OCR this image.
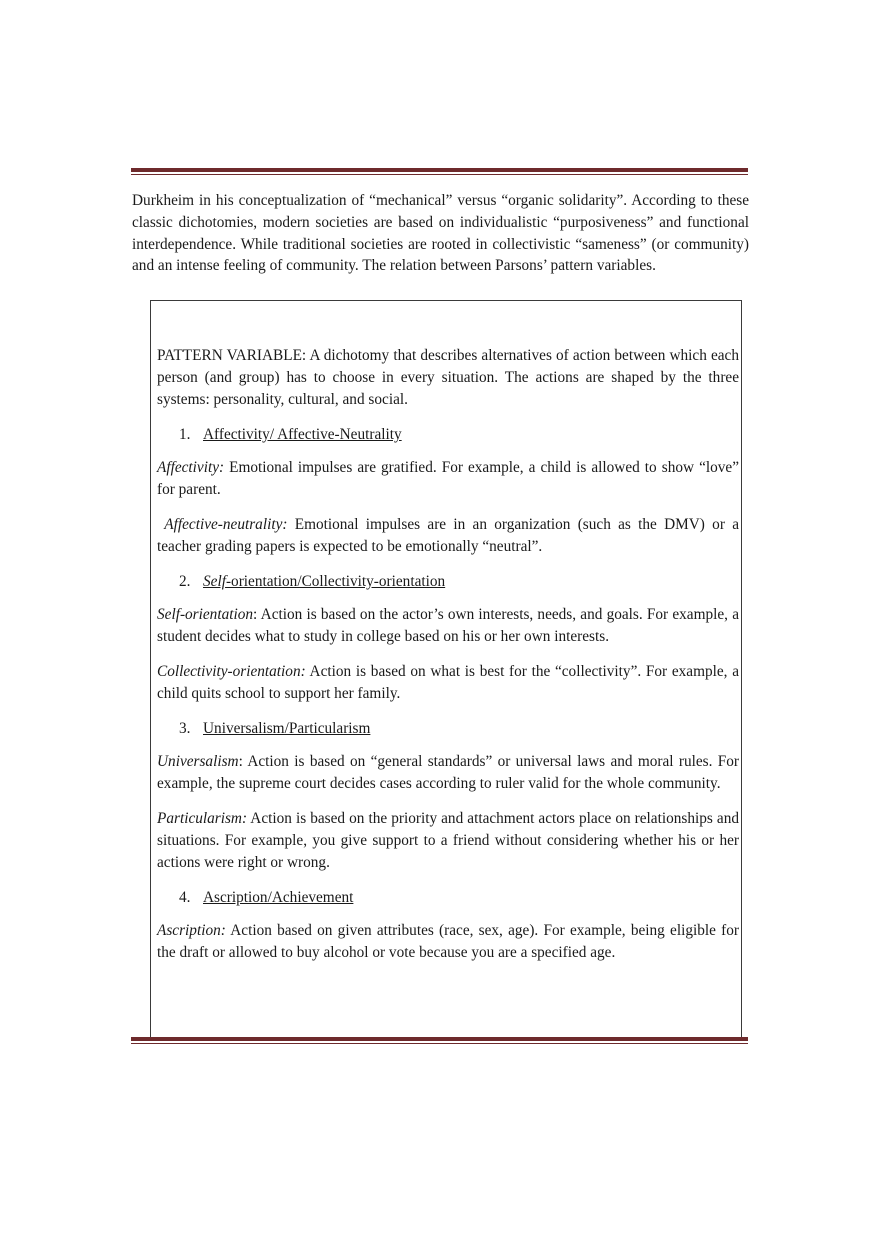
Durkheim in his conceptualization of “mechanical” versus “organic solidarity”. According to these classic dichotomies, modern societies are based on individualistic “purposiveness” and functional interdependence. While traditional societies are rooted in collectivistic “sameness” (or community) and an intense feeling of community. The relation between Parsons’ pattern variables.

PATTERN VARIABLE: A dichotomy that describes alternatives of action between which each person (and group) has to choose in every situation. The actions are shaped by the three systems: personality, cultural, and social.

1. Affectivity/ Affective-Neutrality

Affectivity: Emotional impulses are gratified. For example, a child is allowed to show “love” for parent.

Affective-neutrality: Emotional impulses are in an organization (such as the DMV) or a teacher grading papers is expected to be emotionally “neutral”.

2. Self-orientation/Collectivity-orientation

Self-orientation: Action is based on the actor’s own interests, needs, and goals. For example, a student decides what to study in college based on his or her own interests.

Collectivity-orientation: Action is based on what is best for the “collectivity”. For example, a child quits school to support her family.

3. Universalism/Particularism

Universalism: Action is based on “general standards” or universal laws and moral rules. For example, the supreme court decides cases according to ruler valid for the whole community.

Particularism: Action is based on the priority and attachment actors place on relationships and situations. For example, you give support to a friend without considering whether his or her actions were right or wrong.

4. Ascription/Achievement

Ascription: Action based on given attributes (race, sex, age). For example, being eligible for the draft or allowed to buy alcohol or vote because you are a specified age.
